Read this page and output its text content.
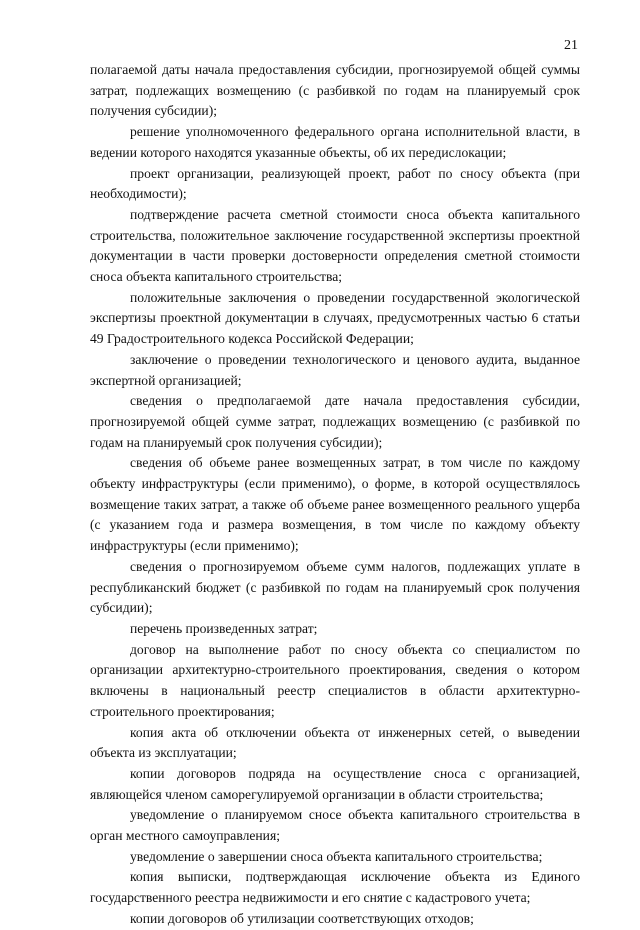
21

полагаемой даты начала предоставления субсидии, прогнозируемой общей суммы затрат, подлежащих возмещению (с разбивкой по годам на планируемый срок получения субсидии);

решение уполномоченного федерального органа исполнительной власти, в ведении которого находятся указанные объекты, об их передислокации;

проект организации, реализующей проект, работ по сносу объекта (при необходимости);

подтверждение расчета сметной стоимости сноса объекта капитального строительства, положительное заключение государственной экспертизы проектной документации в части проверки достоверности определения сметной стоимости сноса объекта капитального строительства;

положительные заключения о проведении государственной экологической экспертизы проектной документации в случаях, предусмотренных частью 6 статьи 49 Градостроительного кодекса Российской Федерации;

заключение о проведении технологического и ценового аудита, выданное экспертной организацией;

сведения о предполагаемой дате начала предоставления субсидии, прогнозируемой общей сумме затрат, подлежащих возмещению (с разбивкой по годам на планируемый срок получения субсидии);

сведения об объеме ранее возмещенных затрат, в том числе по каждому объекту инфраструктуры (если применимо), о форме, в которой осуществлялось возмещение таких затрат, а также об объеме ранее возмещенного реального ущерба (с указанием года и размера возмещения, в том числе по каждому объекту инфраструктуры (если применимо);

сведения о прогнозируемом объеме сумм налогов, подлежащих уплате в республиканский бюджет (с разбивкой по годам на планируемый срок получения субсидии);

перечень произведенных затрат;

договор на выполнение работ по сносу объекта со специалистом по организации архитектурно-строительного проектирования, сведения о котором включены в национальный реестр специалистов в области архитектурно-строительного проектирования;

копия акта об отключении объекта от инженерных сетей, о выведении объекта из эксплуатации;

копии договоров подряда на осуществление сноса с организацией, являющейся членом саморегулируемой организации в области строительства;

уведомление о планируемом сносе объекта капитального строительства в орган местного самоуправления;

уведомление о завершении сноса объекта капитального строительства;

копия выписки, подтверждающая исключение объекта из Единого государственного реестра недвижимости и его снятие с кадастрового учета;

копии договоров об утилизации соответствующих отходов;
